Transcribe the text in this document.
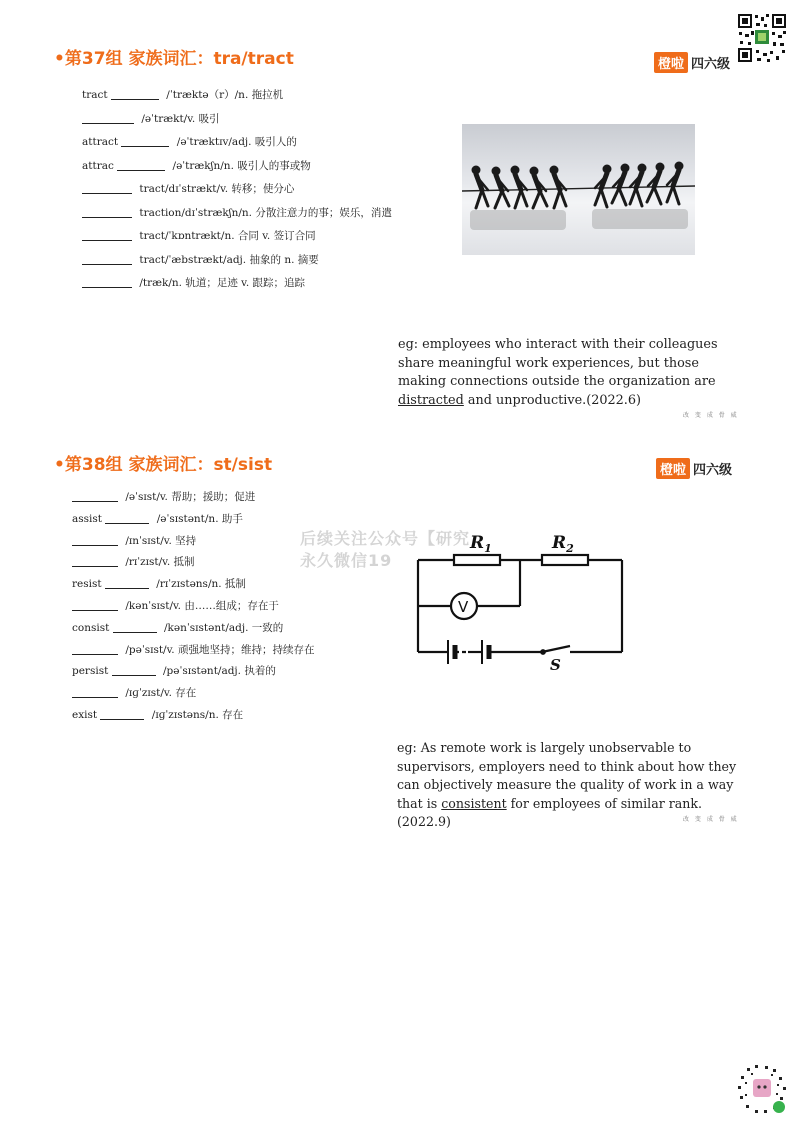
•第37组 家族词汇：tra/tract	橙啦 四六级
tract	/ˈtræktə（r）/n. 拖拉机
/əˈtrækt/v. 吸引
attract	/əˈtræktɪv/adj. 吸引人的
attrac	/əˈtrækʃn/n. 吸引人的事或物
tract/dɪˈstrækt/v. 转移；使分心
traction/dɪˈstrækʃn/n. 分散注意力的事；娱乐，消遣
tract/ˈkɒntrækt/n. 合同 v. 签订合同
tract/ˈæbstrækt/adj. 抽象的 n. 摘要
/træk/n. 轨道；足迹 v. 跟踪；追踪
eg: employees who interact with their colleagues share meaningful work experiences, but those making connections outside the organization are distracted and unproductive.(2022.6)
改 变 成 骨 威
•第38组 家族词汇：st/sist	橙啦 四六级
/əˈsɪst/v. 帮助；援助；促进
assist	/əˈsɪstənt/n. 助手
/ɪnˈsɪst/v. 坚持
/rɪˈzɪst/v. 抵制
resist	/rɪˈzɪstəns/n. 抵制
/kənˈsɪst/v. 由……组成；存在于
consist	/kənˈsɪstənt/adj. 一致的
/pəˈsɪst/v. 顽强地坚持；维持；持续存在
persist	/pəˈsɪstənt/adj. 执着的
/ɪɡˈzɪst/v. 存在
exist	/ɪɡˈzɪstəns/n. 存在
后续关注公众号【研究
永久微信19
$R_1$	$R_2$
V
S
eg: As remote work is largely unobservable to supervisors, employers need to think about how they can objectively measure the quality of work in a way that is consistent for employees of similar rank.(2022.9)	改 变 成 骨 威
